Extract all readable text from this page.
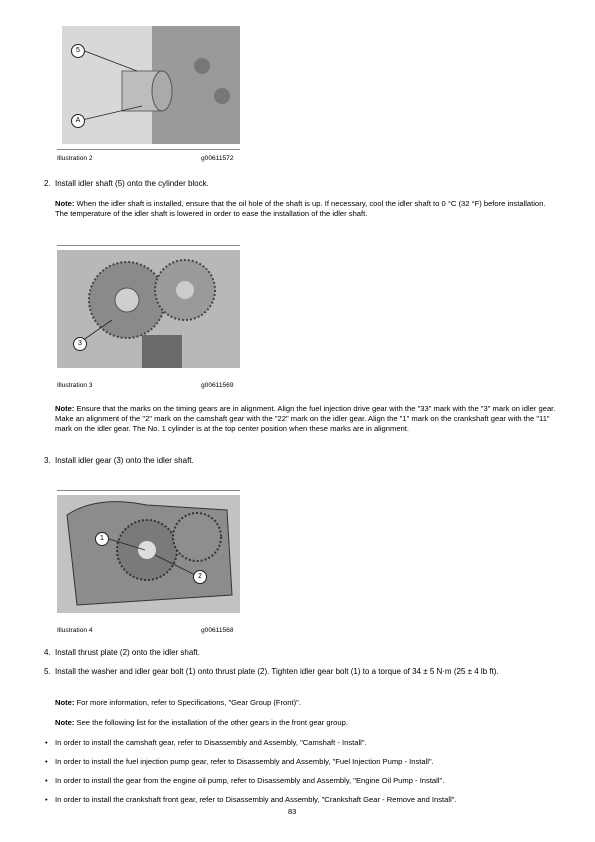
5
A
Illustration 2	g00611572
2. Install idler shaft (5) onto the cylinder block.
Note: When the idler shaft is installed, ensure that the oil hole of the shaft is up. If necessary, cool the idler shaft to 0 °C (32 °F) before installation. The temperature of the idler shaft is lowered in order to ease the installation of the idler shaft.
3
Illustration 3	g00611569
Note: Ensure that the marks on the timing gears are in alignment. Align the fuel injection drive gear with the "33" mark with the "3" mark on idler gear. Make an alignment of the "2" mark on the camshaft gear with the "22" mark on the idler gear. Align the "1" mark on the crankshaft gear with the "11" mark on the idler gear. The No. 1 cylinder is at the top center position when these marks are in alignment.
3. Install idler gear (3) onto the idler shaft.
1
2
Illustration 4	g00611568
4. Install thrust plate (2) onto the idler shaft.
5. Install the washer and idler gear bolt (1) onto thrust plate (2). Tighten idler gear bolt (1) to a torque of 34 ± 5 N·m (25 ± 4 lb ft).
Note: For more information, refer to Specifications, "Gear Group (Front)".
Note: See the following list for the installation of the other gears in the front gear group.
• In order to install the camshaft gear, refer to Disassembly and Assembly, "Camshaft - Install".
• In order to install the fuel injection pump gear, refer to Disassembly and Assembly, "Fuel Injection Pump - Install".
• In order to install the gear from the engine oil pump, refer to Disassembly and Assembly, "Engine Oil Pump - Install".
• In order to install the crankshaft front gear, refer to Disassembly and Assembly, "Crankshaft Gear - Remove and Install".
83
